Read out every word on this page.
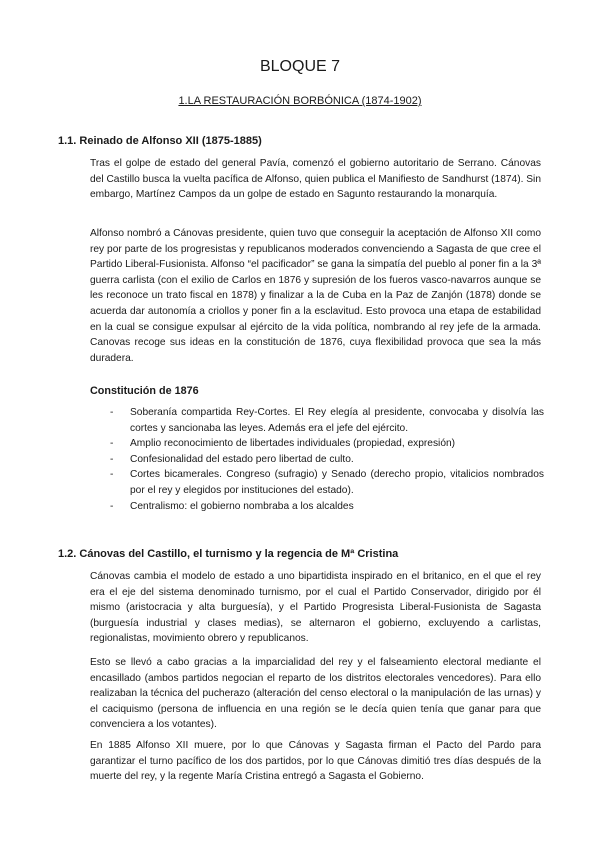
BLOQUE 7
1.LA RESTAURACIÓN BORBÓNICA (1874-1902)
1.1. Reinado de Alfonso XII (1875-1885)

Tras el golpe de estado del general Pavía, comenzó el gobierno autoritario de Serrano. Cánovas del Castillo busca la vuelta pacífica de Alfonso, quien publica el Manifiesto de Sandhurst (1874). Sin embargo, Martínez Campos da un golpe de estado en Sagunto restaurando la monarquía.

Alfonso nombró a Cánovas presidente, quien tuvo que conseguir la aceptación de Alfonso XII como rey por parte de los progresistas y republicanos moderados convenciendo a Sagasta de que cree el Partido Liberal-Fusionista. Alfonso “el pacificador” se gana la simpatía del pueblo al poner fin a la 3ª guerra carlista (con el exilio de Carlos en 1876 y supresión de los fueros vasco-navarros aunque se les reconoce un trato fiscal en 1878) y finalizar a la de Cuba en la Paz de Zanjón (1878) donde se acuerda dar autonomía a criollos y poner fin a la esclavitud. Esto provoca una etapa de estabilidad en la cual se consigue expulsar al ejército de la vida política, nombrando al rey jefe de la armada. Canovas recoge sus ideas en la constitución de 1876, cuya flexibilidad provoca que sea la más duradera.

Constitución de 1876
- Soberanía compartida Rey-Cortes. El Rey elegía al presidente, convocaba y disolvía las cortes y sancionaba las leyes. Además era el jefe del ejército.
- Amplio reconocimiento de libertades individuales (propiedad, expresión)
- Confesionalidad del estado pero libertad de culto.
- Cortes bicamerales. Congreso (sufragio) y Senado (derecho propio, vitalicios nombrados por el rey y elegidos por instituciones del estado).
- Centralismo: el gobierno nombraba a los alcaldes
1.2. Cánovas del Castillo, el turnismo y la regencia de Mª Cristina

Cánovas cambia el modelo de estado a uno bipartidista inspirado en el britanico, en el que el rey era el eje del sistema denominado turnismo, por el cual el Partido Conservador, dirigido por él mismo (aristocracia y alta burguesía), y el Partido Progresista Liberal-Fusionista de Sagasta (burguesía industrial y clases medias), se alternaron el gobierno, excluyendo a carlistas, regionalistas, movimiento obrero y republicanos.

Esto se llevó a cabo gracias a la imparcialidad del rey y el falseamiento electoral mediante el encasillado (ambos partidos negocian el reparto de los distritos electorales vencedores). Para ello realizaban la técnica del pucherazo (alteración del censo electoral o la manipulación de las urnas) y el caciquismo (persona de influencia en una región se le decía quien tenía que ganar para que convenciera a los votantes).

En 1885 Alfonso XII muere, por lo que Cánovas y Sagasta firman el Pacto del Pardo para garantizar el turno pacífico de los dos partidos, por lo que Cánovas dimitió tres días después de la muerte del rey, y la regente María Cristina entregó a Sagasta el Gobierno.
